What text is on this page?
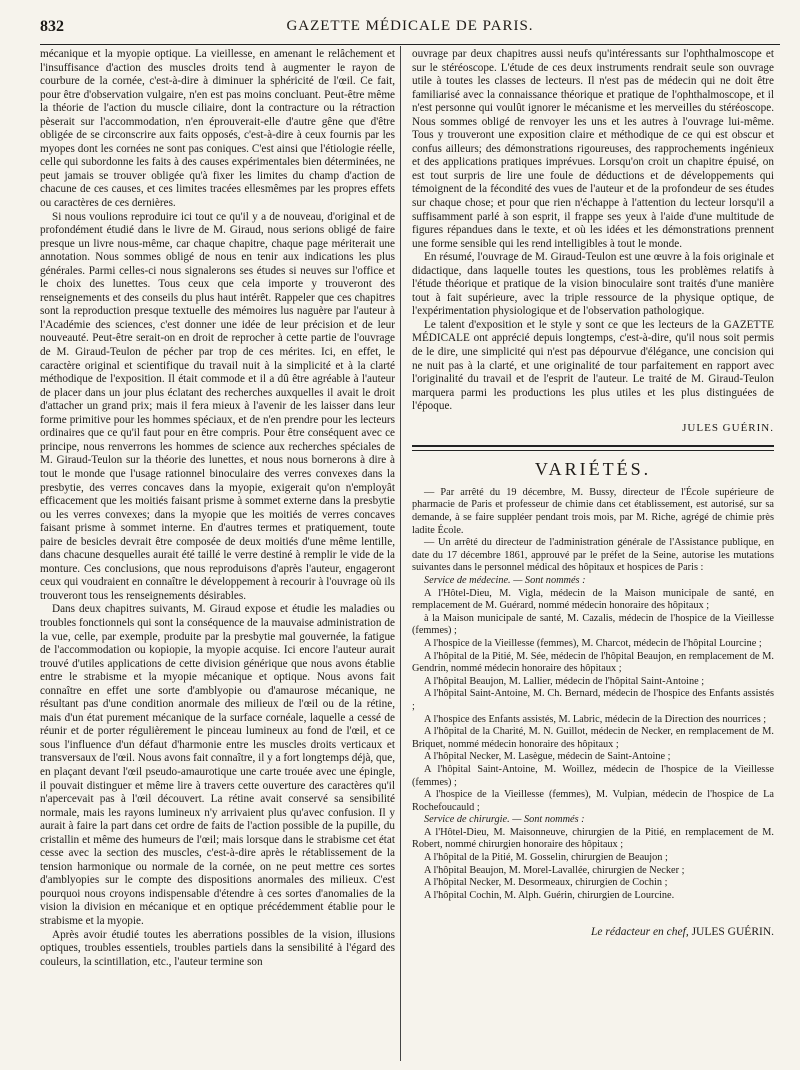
832	GAZETTE MÉDICALE DE PARIS.

mécanique et la myopie optique. La vieillesse, en amenant le relâchement et l'insuffisance d'action des muscles droits tend à augmenter le rayon de courbure de la cornée, c'est-à-dire à diminuer la sphéricité de l'œil. Ce fait, pour être d'observation vulgaire, n'en est pas moins concluant. Peut-être même la théorie de l'action du muscle ciliaire, dont la contracture ou la rétraction pèserait sur l'accommodation, n'en éprouverait-elle d'autre gêne que d'être obligée de se circonscrire aux faits opposés, c'est-à-dire à ceux fournis par les myopes dont les cornées ne sont pas coniques. C'est ainsi que l'étiologie réelle, celle qui subordonne les faits à des causes expérimentales bien déterminées, ne peut jamais se trouver obligée qu'à fixer les limites du champ d'action de chacune de ces causes, et ces limites tracées ellesmêmes par les propres effets ou caractères de ces dernières.

Si nous voulions reproduire ici tout ce qu'il y a de nouveau, d'original et de profondément étudié dans le livre de M. Giraud, nous serions obligé de faire presque un livre nous-même, car chaque chapitre, chaque page mériterait une annotation. Nous sommes obligé de nous en tenir aux indications les plus générales. Parmi celles-ci nous signalerons ses études si neuves sur l'office et le choix des lunettes. Tous ceux que cela importe y trouveront des renseignements et des conseils du plus haut intérêt. Rappeler que ces chapitres sont la reproduction presque textuelle des mémoires lus naguère par l'auteur à l'Académie des sciences, c'est donner une idée de leur précision et de leur nouveauté. Peut-être serait-on en droit de reprocher à cette partie de l'ouvrage de M. Giraud-Teulon de pécher par trop de ces mérites. Ici, en effet, le caractère original et scientifique du travail nuit à la simplicité et à la clarté méthodique de l'exposition. Il était commode et il a dû être agréable à l'auteur de placer dans un jour plus éclatant des recherches auxquelles il avait le droit d'attacher un grand prix; mais il fera mieux à l'avenir de les laisser dans leur forme primitive pour les hommes spéciaux, et de n'en prendre pour les lecteurs ordinaires que ce qu'il faut pour en être compris. Pour être conséquent avec ce principe, nous renverrons les hommes de science aux recherches spéciales de M. Giraud-Teulon sur la théorie des lunettes, et nous nous bornerons à dire à tout le monde que l'usage rationnel binoculaire des verres convexes dans la presbytie, des verres concaves dans la myopie, exigerait qu'on n'employât efficacement que les moitiés faisant prisme à sommet externe dans la presbytie ou les verres convexes; dans la myopie que les moitiés de verres concaves faisant prisme à sommet interne. En d'autres termes et pratiquement, toute paire de besicles devrait être composée de deux moitiés d'une même lentille, dans chacune desquelles aurait été taillé le verre destiné à remplir le vide de la monture. Ces conclusions, que nous reproduisons d'après l'auteur, engageront ceux qui voudraient en connaître le développement à recourir à l'ouvrage où ils trouveront tous les renseignements désirables.

Dans deux chapitres suivants, M. Giraud expose et étudie les maladies ou troubles fonctionnels qui sont la conséquence de la mauvaise administration de la vue, celle, par exemple, produite par la presbytie mal gouvernée, la fatigue de l'accommodation ou kopiopie, la myopie acquise. Ici encore l'auteur aurait trouvé d'utiles applications de cette division générique que nous avons établie entre le strabisme et la myopie mécanique et optique. Nous avons fait connaître en effet une sorte d'amblyopie ou d'amaurose mécanique, ne résultant pas d'une condition anormale des milieux de l'œil ou de la rétine, mais d'un état purement mécanique de la surface cornéale, laquelle a cessé de réunir et de porter régulièrement le pinceau lumineux au fond de l'œil, et ce sous l'influence d'un défaut d'harmonie entre les muscles droits verticaux et transversaux de l'œil. Nous avons fait connaître, il y a fort longtemps déjà, que, en plaçant devant l'œil pseudo-amaurotique une carte trouée avec une épingle, il pouvait distinguer et même lire à travers cette ouverture des caractères qu'il n'apercevait pas à l'œil découvert. La rétine avait conservé sa sensibilité normale, mais les rayons lumineux n'y arrivaient plus qu'avec confusion. Il y aurait à faire la part dans cet ordre de faits de l'action possible de la pupille, du cristallin et même des humeurs de l'œil; mais lorsque dans le strabisme cet état cesse avec la section des muscles, c'est-à-dire après le rétablissement de la tension harmonique ou normale de la cornée, on ne peut mettre ces sortes d'amblyopies sur le compte des dispositions anormales des milieux. C'est pourquoi nous croyons indispensable d'étendre à ces sortes d'anomalies de la vision la division en mécanique et en optique précédemment établie pour le strabisme et la myopie.

Après avoir étudié toutes les aberrations possibles de la vision, illusions optiques, troubles essentiels, troubles partiels dans la sensibilité à l'égard des couleurs, la scintillation, etc., l'auteur termine son

ouvrage par deux chapitres aussi neufs qu'intéressants sur l'ophthalmoscope et sur le stéréoscope. L'étude de ces deux instruments rendrait seule son ouvrage utile à toutes les classes de lecteurs. Il n'est pas de médecin qui ne doit être familiarisé avec la connaissance théorique et pratique de l'ophthalmoscope, et il n'est personne qui voulût ignorer le mécanisme et les merveilles du stéréoscope. Nous sommes obligé de renvoyer les uns et les autres à l'ouvrage lui-même. Tous y trouveront une exposition claire et méthodique de ce qui est obscur et confus ailleurs; des démonstrations rigoureuses, des rapprochements ingénieux et des applications pratiques imprévues. Lorsqu'on croit un chapitre épuisé, on est tout surpris de lire une foule de déductions et de développements qui témoignent de la fécondité des vues de l'auteur et de la profondeur de ses études sur chaque chose; et pour que rien n'échappe à l'attention du lecteur lorsqu'il a suffisamment parlé à son esprit, il frappe ses yeux à l'aide d'une multitude de figures répandues dans le texte, et où les idées et les démonstrations prennent une forme sensible qui les rend intelligibles à tout le monde.

En résumé, l'ouvrage de M. Giraud-Teulon est une œuvre à la fois originale et didactique, dans laquelle toutes les questions, tous les problèmes relatifs à l'étude théorique et pratique de la vision binoculaire sont traités d'une manière tout à fait supérieure, avec la triple ressource de la physique optique, de l'expérimentation physiologique et de l'observation pathologique.

Le talent d'exposition et le style y sont ce que les lecteurs de la GAZETTE MÉDICALE ont apprécié depuis longtemps, c'est-à-dire, qu'il nous soit permis de le dire, une simplicité qui n'est pas dépourvue d'élégance, une concision qui ne nuit pas à la clarté, et une originalité de tour parfaitement en rapport avec l'originalité du travail et de l'esprit de l'auteur. Le traité de M. Giraud-Teulon marquera parmi les productions les plus utiles et les plus distinguées de l'époque.

JULES GUÉRIN.
VARIÉTÉS.

— Par arrêté du 19 décembre, M. Bussy, directeur de l'École supérieure de pharmacie de Paris et professeur de chimie dans cet établissement, est autorisé, sur sa demande, à se faire suppléer pendant trois mois, par M. Riche, agrégé de chimie près ladite École.

— Un arrêté du directeur de l'administration générale de l'Assistance publique, en date du 17 décembre 1861, approuvé par le préfet de la Seine, autorise les mutations suivantes dans le personnel médical des hôpitaux et hospices de Paris :

Service de médecine. — Sont nommés :

A l'Hôtel-Dieu, M. Vigla, médecin de la Maison municipale de santé, en remplacement de M. Guérard, nommé médecin honoraire des hôpitaux ;

à la Maison municipale de santé, M. Cazalis, médecin de l'hospice de la Vieillesse (femmes) ;

A l'hospice de la Vieillesse (femmes), M. Charcot, médecin de l'hôpital Lourcine ;

A l'hôpital de la Pitié, M. Sée, médecin de l'hôpital Beaujon, en remplacement de M. Gendrin, nommé médecin honoraire des hôpitaux ;

A l'hôpital Beaujon, M. Lallier, médecin de l'hôpital Saint-Antoine ;

A l'hôpital Saint-Antoine, M. Ch. Bernard, médecin de l'hospice des Enfants assistés ;

A l'hospice des Enfants assistés, M. Labric, médecin de la Direction des nourrices ;

A l'hôpital de la Charité, M. N. Guillot, médecin de Necker, en remplacement de M. Briquet, nommé médecin honoraire des hôpitaux ;

A l'hôpital Necker, M. Lasègue, médecin de Saint-Antoine ;

A l'hôpital Saint-Antoine, M. Woillez, médecin de l'hospice de la Vieillesse (femmes) ;

A l'hospice de la Vieillesse (femmes), M. Vulpian, médecin de l'hospice de La Rochefoucauld ;

Service de chirurgie. — Sont nommés :

A l'Hôtel-Dieu, M. Maisonneuve, chirurgien de la Pitié, en remplacement de M. Robert, nommé chirurgien honoraire des hôpitaux ;

A l'hôpital de la Pitié, M. Gosselin, chirurgien de Beaujon ;

A l'hôpital Beaujon, M. Morel-Lavallée, chirurgien de Necker ;

A l'hôpital Necker, M. Desormeaux, chirurgien de Cochin ;

A l'hôpital Cochin, M. Alph. Guérin, chirurgien de Lourcine.

Le rédacteur en chef, JULES GUÉRIN.
